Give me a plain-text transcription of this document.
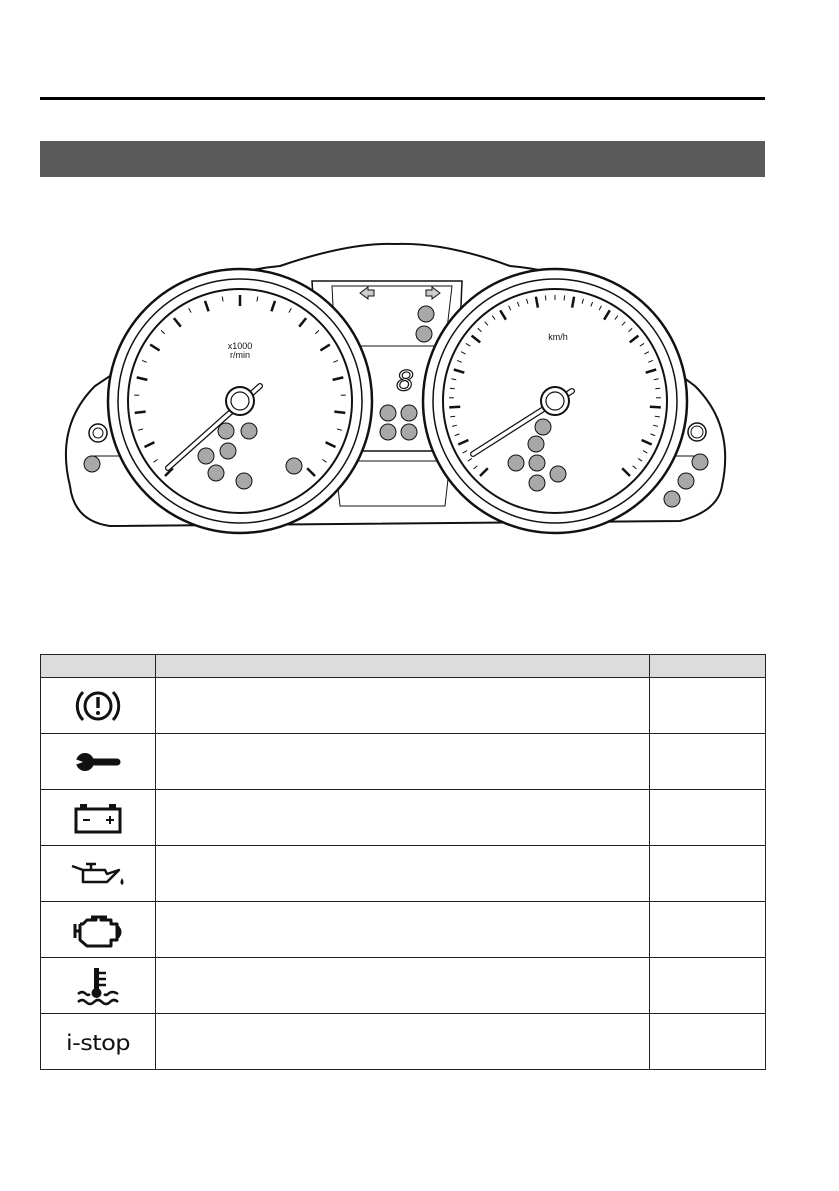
8
x1000
r/min
km/h

i-stop		
